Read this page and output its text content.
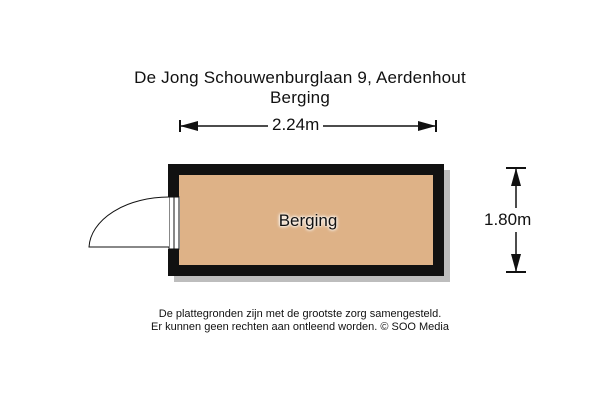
De Jong Schouwenburglaan 9, Aerdenhout
Berging
2.24m
1.80m
Berging
De plattegronden zijn met de grootste zorg samengesteld.
Er kunnen geen rechten aan ontleend worden. © SOO Media
